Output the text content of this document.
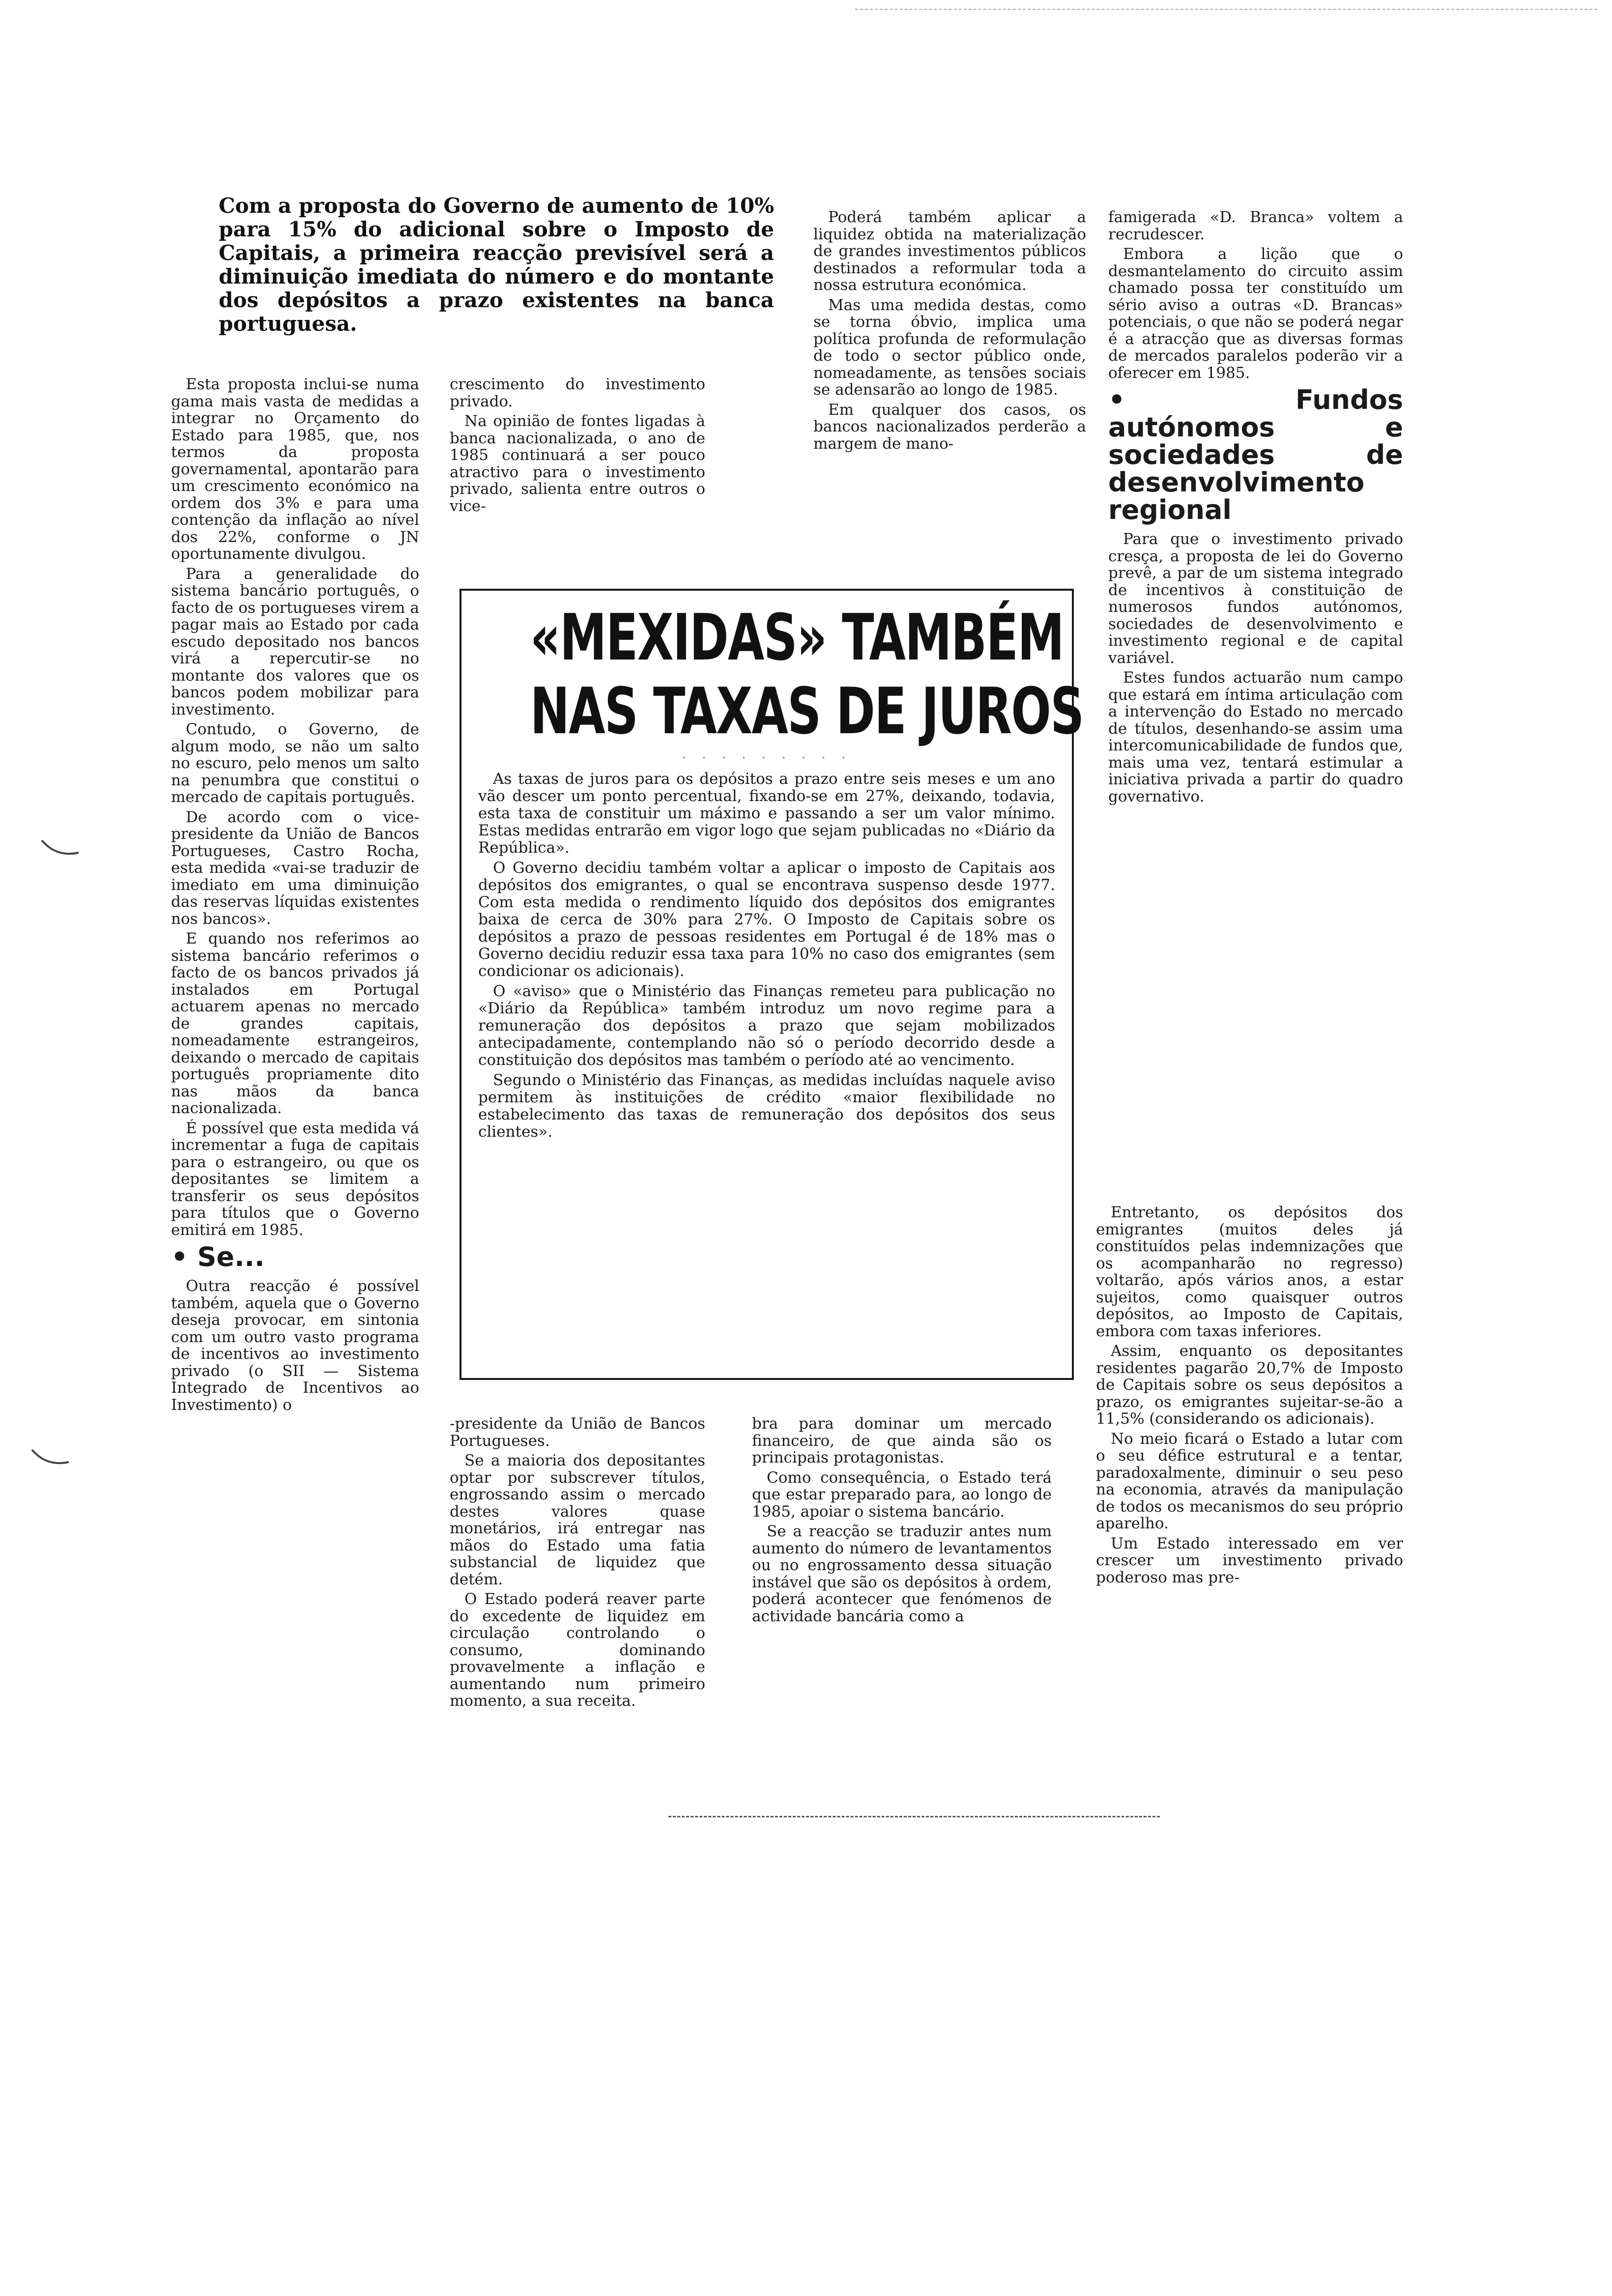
Com a proposta do Governo de aumento de 10% para 15% do adicional sobre o Imposto de Capitais, a primeira reacção previsível será a diminuição imediata do número e do montante dos depósitos a prazo existentes na banca portuguesa.

Esta proposta inclui-se numa gama mais vasta de medidas a integrar no Orçamento do Estado para 1985, que, nos termos da proposta governamental, apontarão para um crescimento económico na ordem dos 3% e para uma contenção da inflação ao nível dos 22%, conforme o JN oportunamente divulgou.

Para a generalidade do sistema bancário português, o facto de os portugueses virem a pagar mais ao Estado por cada escudo depositado nos bancos virá a repercutir-se no montante dos valores que os bancos podem mobilizar para investimento.

Contudo, o Governo, de algum modo, se não um salto no escuro, pelo menos um salto na penumbra que constitui o mercado de capitais português.

De acordo com o vice-presidente da União de Bancos Portugueses, Castro Rocha, esta medida «vai-se traduzir de imediato em uma diminuição das reservas líquidas existentes nos bancos».

E quando nos referimos ao sistema bancário referimos o facto de os bancos privados já instalados em Portugal actuarem apenas no mercado de grandes capitais, nomeadamente estrangeiros, deixando o mercado de capitais português propriamente dito nas mãos da banca nacionalizada.

É possível que esta medida vá incrementar a fuga de capitais para o estrangeiro, ou que os depositantes se limitem a transferir os seus depósitos para títulos que o Governo emitirá em 1985.

• Se...

Outra reacção é possível também, aquela que o Governo deseja provocar, em sintonia com um outro vasto programa de incentivos ao investimento privado (o SII — Sistema Integrado de Incentivos ao Investimento) o

crescimento do investimento privado.

Na opinião de fontes ligadas à banca nacionalizada, o ano de 1985 continuará a ser pouco atractivo para o investimento privado, salienta entre outros o vice-

Poderá também aplicar a liquidez obtida na materialização de grandes investimentos públicos destinados a reformular toda a nossa estrutura económica.

Mas uma medida destas, como se torna óbvio, implica uma política profunda de reformulação de todo o sector público onde, nomeadamente, as tensões sociais se adensarão ao longo de 1985.

Em qualquer dos casos, os bancos nacionalizados perderão a margem de mano-

famigerada «D. Branca» voltem a recrudescer.

Embora a lição que o desmantelamento do circuito assim chamado possa ter constituído um sério aviso a outras «D. Brancas» potenciais, o que não se poderá negar é a atracção que as diversas formas de mercados paralelos poderão vir a oferecer em 1985.

• Fundos autónomos e sociedades de desenvolvimento regional

Para que o investimento privado cresça, a proposta de lei do Governo prevê, a par de um sistema integrado de incentivos à constituição de numerosos fundos autónomos, sociedades de desenvolvimento e investimento regional e de capital variável.

Estes fundos actuarão num campo que estará em íntima articulação com a intervenção do Estado no mercado de títulos, desenhando-se assim uma intercomunicabilidade de fundos que, mais uma vez, tentará estimular a iniciativa privada a partir do quadro governativo.

«MEXIDAS» TAMBÉM
NAS TAXAS DE JUROS
· · · · · · · · ·

As taxas de juros para os depósitos a prazo entre seis meses e um ano vão descer um ponto percentual, fixando-se em 27%, deixando, todavia, esta taxa de constituir um máximo e passando a ser um valor mínimo. Estas medidas entrarão em vigor logo que sejam publicadas no «Diário da República».

O Governo decidiu também voltar a aplicar o imposto de Capitais aos depósitos dos emigrantes, o qual se encontrava suspenso desde 1977. Com esta medida o rendimento líquido dos depósitos dos emigrantes baixa de cerca de 30% para 27%. O Imposto de Capitais sobre os depósitos a prazo de pessoas residentes em Portugal é de 18% mas o Governo decidiu reduzir essa taxa para 10% no caso dos emigrantes (sem condicionar os adicionais).

O «aviso» que o Ministério das Finanças remeteu para publicação no «Diário da República» também introduz um novo regime para a remuneração dos depósitos a prazo que sejam mobilizados antecipadamente, contemplando não só o período decorrido desde a constituição dos depósitos mas também o período até ao vencimento.

Segundo o Ministério das Finanças, as medidas incluídas naquele aviso permitem às instituições de crédito «maior flexibilidade no estabelecimento das taxas de remuneração dos depósitos dos seus clientes».

-presidente da União de Bancos Portugueses.

Se a maioria dos depositantes optar por subscrever títulos, engrossando assim o mercado destes valores quase monetários, irá entregar nas mãos do Estado uma fatia substancial de liquidez que detém.

O Estado poderá reaver parte do excedente de liquidez em circulação controlando o consumo, dominando provavelmente a inflação e aumentando num primeiro momento, a sua receita.

bra para dominar um mercado financeiro, de que ainda são os principais protagonistas.

Como consequência, o Estado terá que estar preparado para, ao longo de 1985, apoiar o sistema bancário.

Se a reacção se traduzir antes num aumento do número de levantamentos ou no engrossamento dessa situação instável que são os depósitos à ordem, poderá acontecer que fenómenos de actividade bancária como a

Entretanto, os depósitos dos emigrantes (muitos deles já constituídos pelas indemnizações que os acompanharão no regresso) voltarão, após vários anos, a estar sujeitos, como quaisquer outros depósitos, ao Imposto de Capitais, embora com taxas inferiores.

Assim, enquanto os depositantes residentes pagarão 20,7% de Imposto de Capitais sobre os seus depósitos a prazo, os emigrantes sujeitar-se-ão a 11,5% (considerando os adicionais).

No meio ficará o Estado a lutar com o seu défice estrutural e a tentar, paradoxalmente, diminuir o seu peso na economia, através da manipulação de todos os mecanismos do seu próprio aparelho.

Um Estado interessado em ver crescer um investimento privado poderoso mas pre-
